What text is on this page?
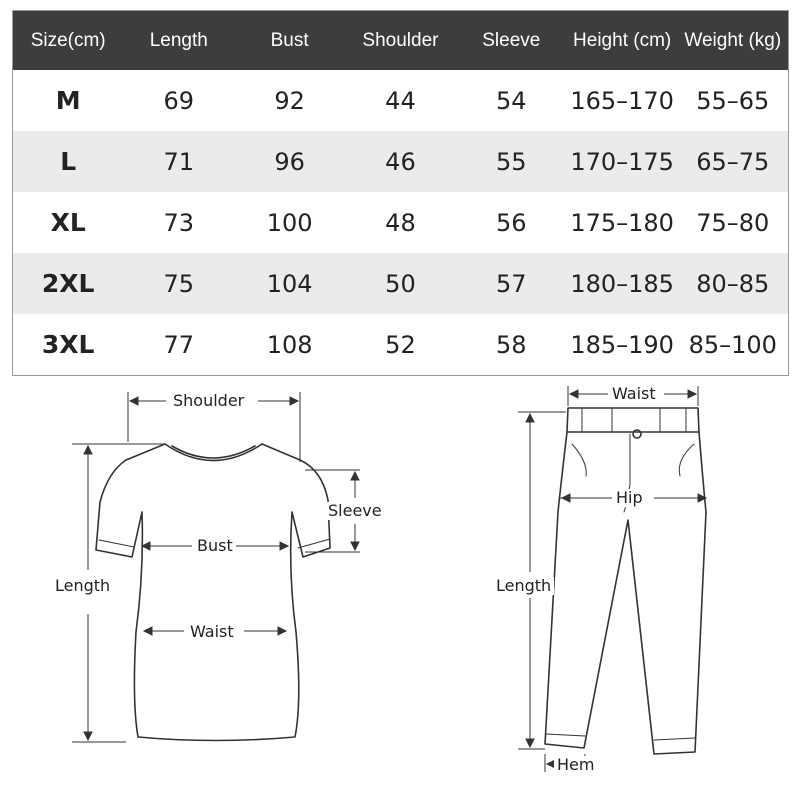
Size(cm)	Length	Bust	Shoulder	Sleeve	Height (cm)	Weight (kg)
M	69	92	44	54	165–170	55–65
L	71	96	46	55	170–175	65–75
XL	73	100	48	56	175–180	75–80
2XL	75	104	50	57	180–185	80–85
3XL	77	108	52	58	185–190	85–100
Shoulder
Sleeve
Bust
Length
Waist
Waist
Hip
Length
Hem
